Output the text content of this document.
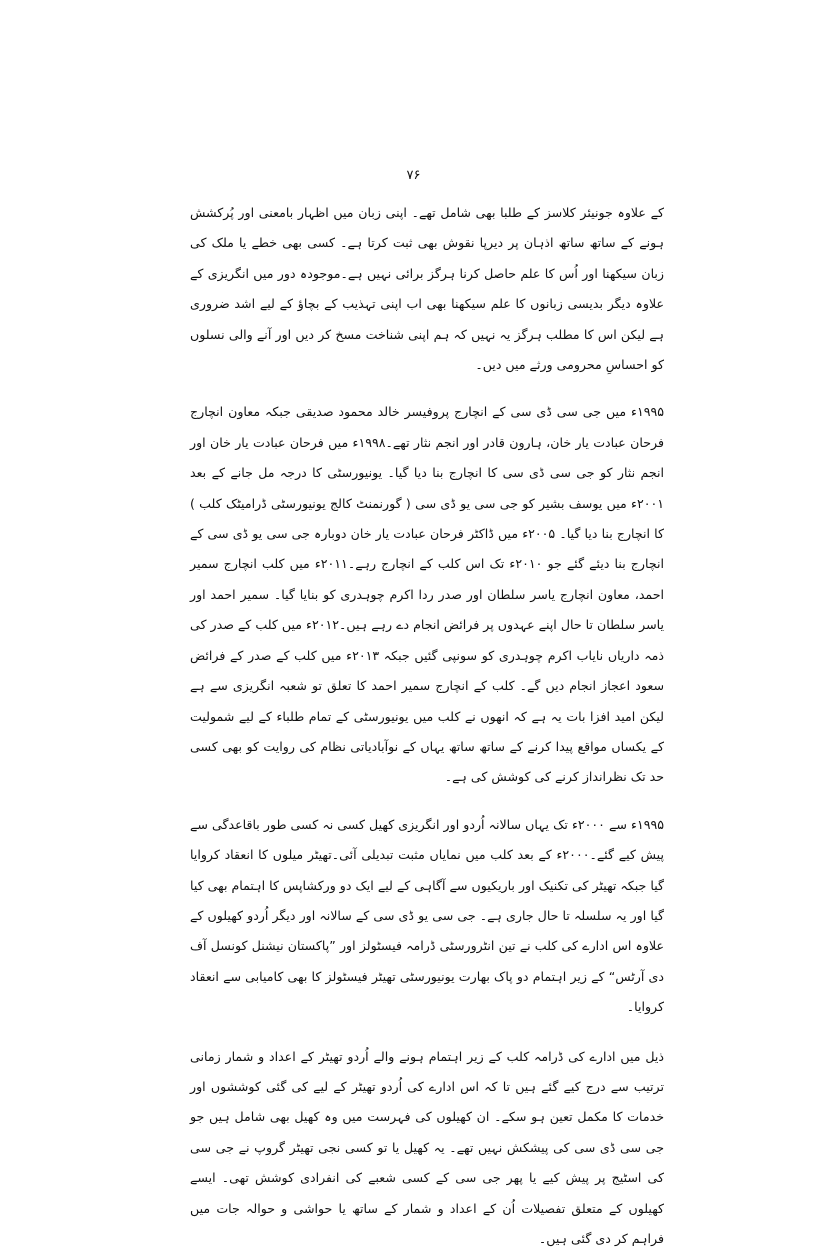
۷۶

کے علاوہ جونیئر کلاسز کے طلبا بھی شامل تھے۔ اپنی زبان میں اظہار بامعنی اور پُرکشش ہونے کے ساتھ ساتھ اذہان پر دیرپا نقوش بھی ثبت کرتا ہے۔ کسی بھی خطے یا ملک کی زبان سیکھنا اور اُس کا علم حاصل کرنا ہرگز برائی نہیں ہے۔موجودہ دور میں انگریزی کے علاوہ دیگر بدیسی زبانوں کا علم سیکھنا بھی اب اپنی تہذیب کے بچاؤ کے لیے اشد ضروری ہے لیکن اس کا مطلب ہرگز یہ نہیں کہ ہم اپنی شناخت مسخ کر دیں اور آنے والی نسلوں کو احساسِ محرومی ورثے میں دیں۔

۱۹۹۵ء میں جی سی ڈی سی کے انچارج پروفیسر خالد محمود صدیقی جبکہ معاون انچارج فرحان عبادت یار خان، ہارون قادر اور انجم نثار تھے۔۱۹۹۸ء میں فرحان عبادت یار خان اور انجم نثار کو جی سی ڈی سی کا انچارج بنا دیا گیا۔ یونیورسٹی کا درجہ مل جانے کے بعد ۲۰۰۱ء میں یوسف بشیر کو جی سی یو ڈی سی ( گورنمنٹ کالج یونیورسٹی ڈرامیٹک کلب ) کا انچارج بنا دیا گیا۔ ۲۰۰۵ء میں ڈاکٹر فرحان عبادت یار خان دوبارہ جی سی یو ڈی سی کے انچارج بنا دیئے گئے جو ۲۰۱۰ء تک اس کلب کے انچارج رہے۔۲۰۱۱ء میں کلب انچارج سمیر احمد، معاون انچارج یاسر سلطان اور صدر ردا اکرم چوہدری کو بنایا گیا۔ سمیر احمد اور یاسر سلطان تا حال اپنے عہدوں پر فرائض انجام دے رہے ہیں۔۲۰۱۲ء میں کلب کے صدر کی ذمہ داریاں نایاب اکرم چوہدری کو سونپی گئیں جبکہ ۲۰۱۳ء میں کلب کے صدر کے فرائض سعود اعجاز انجام دیں گے۔ کلب کے انچارج سمیر احمد کا تعلق تو شعبہ انگریزی سے ہے لیکن امید افزا بات یہ ہے کہ انھوں نے کلب میں یونیورسٹی کے تمام طلباء کے لیے شمولیت کے یکساں مواقع پیدا کرنے کے ساتھ ساتھ یہاں کے نوآبادیاتی نظام کی روایت کو بھی کسی حد تک نظرانداز کرنے کی کوشش کی ہے۔

۱۹۹۵ء سے ۲۰۰۰ء تک یہاں سالانہ اُردو اور انگریزی کھیل کسی نہ کسی طور باقاعدگی سے پیش کیے گئے۔۲۰۰۰ء کے بعد کلب میں نمایاں مثبت تبدیلی آئی۔تھیٹر میلوں کا انعقاد کروایا گیا جبکہ تھیٹر کی تکنیک اور باریکیوں سے آگاہی کے لیے ایک دو ورکشاپس کا اہتمام بھی کیا گیا اور یہ سلسلہ تا حال جاری ہے۔ جی سی یو ڈی سی کے سالانہ اور دیگر اُردو کھیلوں کے علاوہ اس ادارے کی کلب نے تین انٹرورسٹی ڈرامہ فیسٹولز اور ”پاکستان نیشنل کونسل آف دی آرٹس“ کے زیر اہتمام دو پاک بھارت یونیورسٹی تھیٹر فیسٹولز کا بھی کامیابی سے انعقاد کروایا۔

ذیل میں ادارے کی ڈرامہ کلب کے زیر اہتمام ہونے والے اُردو تھیٹر کے اعداد و شمار زمانی ترتیب سے درج کیے گئے ہیں تا کہ اس ادارے کی اُردو تھیٹر کے لیے کی گئی کوششوں اور خدمات کا مکمل تعین ہو سکے۔ ان کھیلوں کی فہرست میں وہ کھیل بھی شامل ہیں جو جی سی ڈی سی کی پیشکش نہیں تھے۔ یہ کھیل یا تو کسی نجی تھیٹر گروپ نے جی سی کی اسٹیج پر پیش کیے یا پھر جی سی کے کسی شعبے کی انفرادی کوشش تھی۔ ایسے کھیلوں کے متعلق تفصیلات اُن کے اعداد و شمار کے ساتھ یا حواشی و حوالہ جات میں فراہم کر دی گئی ہیں۔
